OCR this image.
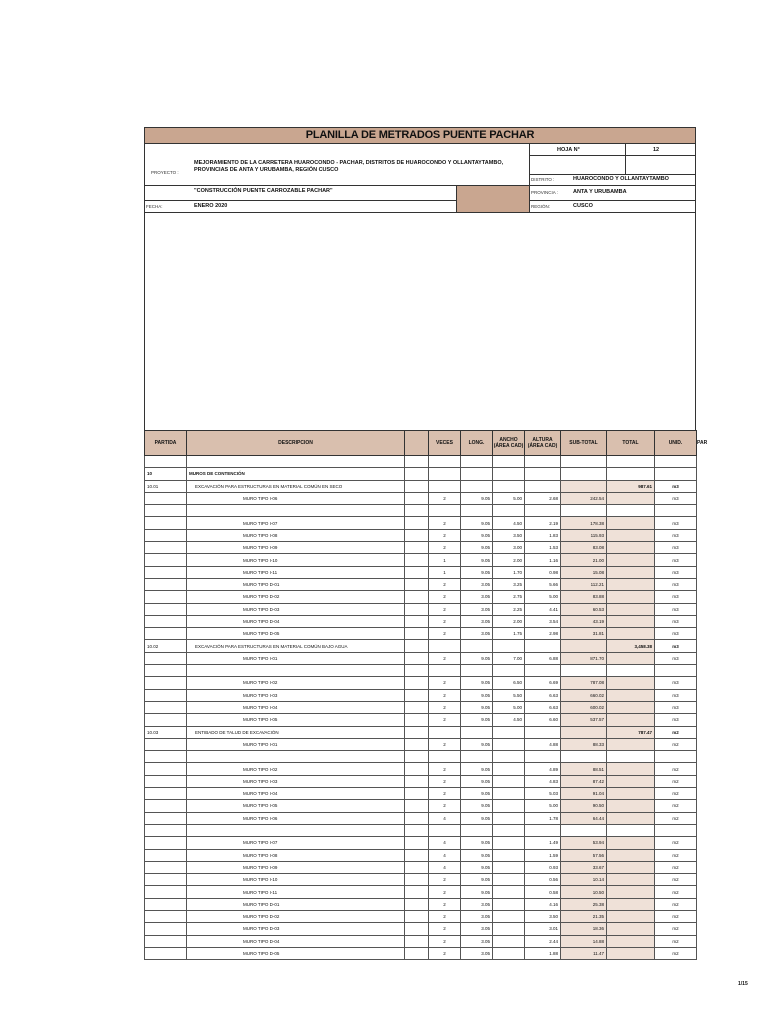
PLANILLA DE METRADOS PUENTE PACHAR
HOJA N°	12
PROYECTO :
MEJORAMIENTO DE LA CARRETERA HUAROCONDO - PACHAR, DISTRITOS DE HUAROCONDO Y OLLANTAYTAMBO, PROVINCIAS DE ANTA Y URUBAMBA, REGIÓN CUSCO
DISTRITO :	HUAROCONDO Y OLLANTAYTAMBO
"CONSTRUCCIÓN PUENTE CARROZABLE PACHAR"	PROVINCIA :	ANTA Y URUBAMBA
FECHA:	ENERO 2020	REGIÓN:	CUSCO
PARTIDA	DESCRIPCION		VECES	LONG.	ANCHO (ÁREA CAD)	ALTURA (ÁREA CAD)	SUB-TOTAL	TOTAL	UNID.

10	MUROS DE CONTENCIÓN								
10.01	EXCAVACIÓN PARA ESTRUCTURAS EN MATERIAL COMÚN EN SECO							987.61	m3
	MURO TIPO I-06		2	9.05	5.00	2.68	242.54		m3

	MURO TIPO I-07		2	9.05	4.50	2.19	178.38		m3
	MURO TIPO I-08		2	9.05	3.50	1.83	115.93		m3
	MURO TIPO I-09		2	9.05	3.00	1.53	83.08		m3
	MURO TIPO I-10		1	9.05	2.00	1.16	21.00		m3
	MURO TIPO I-11		1	9.05	1.70	0.98	15.08		m3
	MURO TIPO D-01		2	3.05	3.25	5.66	112.21		m3
	MURO TIPO D-02		2	3.05	2.75	5.00	83.88		m3
	MURO TIPO D-03		2	3.05	2.25	4.41	60.53		m3
	MURO TIPO D-04		2	3.05	2.00	3.54	43.19		m3
	MURO TIPO D-05		2	3.05	1.75	2.98	31.81		m3
10.02	EXCAVACIÓN PARA ESTRUCTURAS EN MATERIAL COMÚN BAJO AGUA							3,458.38	m3
	MURO TIPO I-01		2	9.05	7.00	6.88	871.70		m3

	MURO TIPO I-02		2	9.05	6.50	6.69	787.08		m3
	MURO TIPO I-03		2	9.05	5.50	6.63	660.02		m3
	MURO TIPO I-04		2	9.05	5.00	6.63	600.02		m3
	MURO TIPO I-05		2	9.05	4.50	6.60	537.57		m3
10.03	ENTIBADO DE TALUD DE EXCAVACIÓN							787.47	m2
	MURO TIPO I-01		2	9.05		4.88	88.33		m2

	MURO TIPO I-02		2	9.05		4.89	88.51		m2
	MURO TIPO I-03		2	9.05		4.83	87.42		m2
	MURO TIPO I-04		2	9.05		5.03	91.04		m2
	MURO TIPO I-05		2	9.05		5.00	90.50		m2
	MURO TIPO I-06		4	9.05		1.78	64.44		m2

	MURO TIPO I-07		4	9.05		1.49	53.94		m2
	MURO TIPO I-08		4	9.05		1.59	57.56		m2
	MURO TIPO I-09		4	9.05		0.93	33.67		m2
	MURO TIPO I-10		2	9.05		0.56	10.14		m2
	MURO TIPO I-11		2	9.05		0.58	10.50		m2
	MURO TIPO D-01		2	3.05		4.16	25.38		m2
	MURO TIPO D-02		2	3.05		3.50	21.35		m2
	MURO TIPO D-03		2	3.05		3.01	18.36		m2
	MURO TIPO D-04		2	3.05		2.44	14.88		m2
	MURO TIPO D-05		2	3.05		1.88	11.47		m2
PAR
1/15
